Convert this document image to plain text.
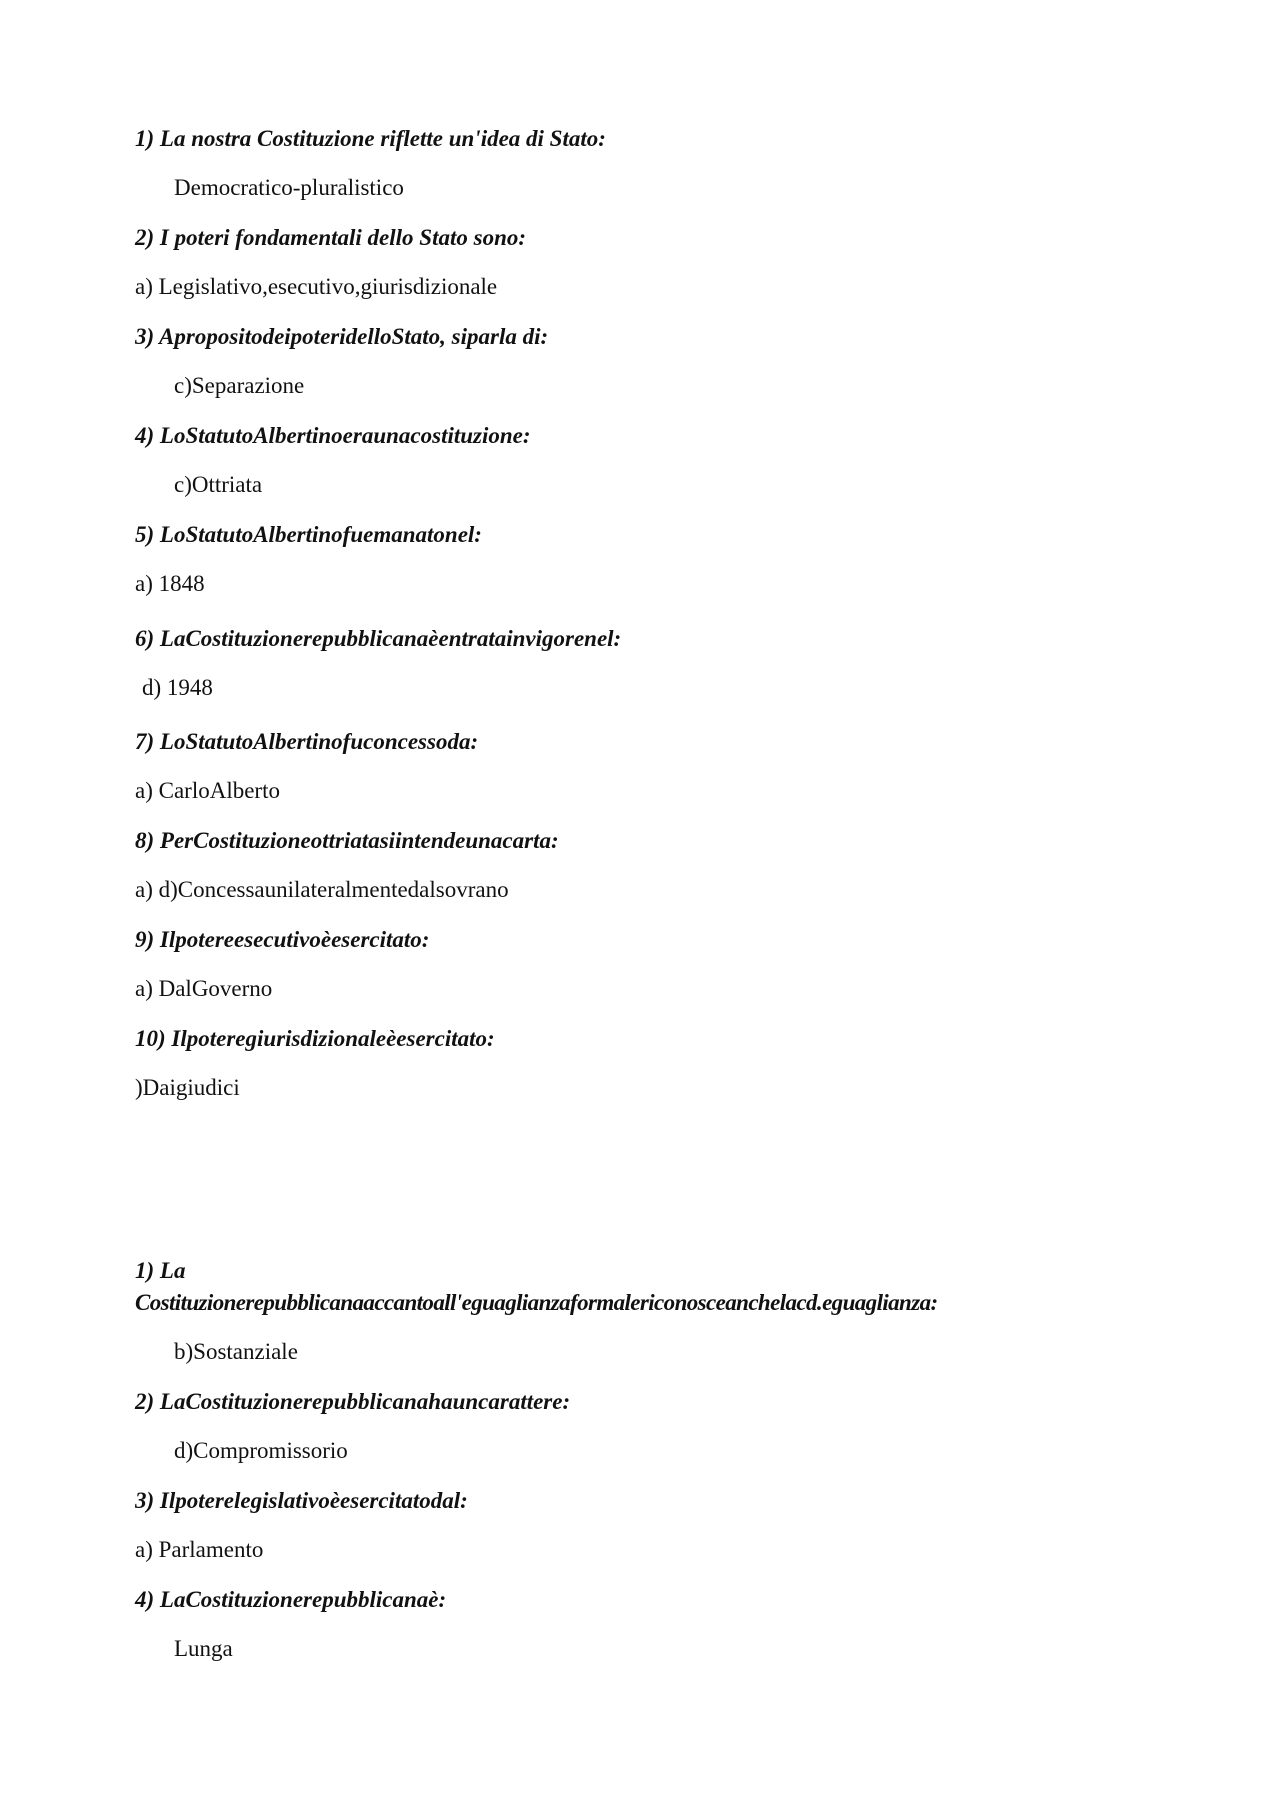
1) La nostra Costituzione riflette un'idea di Stato:
Democratico-pluralistico
2) I poteri fondamentali dello Stato sono:
a) Legislativo,esecutivo,giurisdizionale
3) ApropositodeipoteridelloStato, siparla di:
c)Separazione
4) LoStatutoAlbertinoeraunacostituzione:
c)Ottriata
5) LoStatutoAlbertinofuemanatonel:
a) 1848
6) LaCostituzionerepubblicanaèentratainvigorenel:
d) 1948
7) LoStatutoAlbertinofuconcessoda:
a) CarloAlberto
8) PerCostituzioneottriatasiintendeunacarta:
a) d)Concessaunilateralmentedalsovrano
9) Ilpotereesecutivoèesercitato:
a) DalGoverno
10) Ilpoteregiurisdizionaleèesercitato:
)Daigiudici
1) La
Costituzionerepubblicanaaccantoall'eguaglianzaformalericonosceanchelacd.eguaglianza:
b)Sostanziale
2) LaCostituzionerepubblicanahauncarattere:
d)Compromissorio
3) Ilpoterelegislativoèesercitatodal:
a) Parlamento
4) LaCostituzionerepubblicanaè:
Lunga
